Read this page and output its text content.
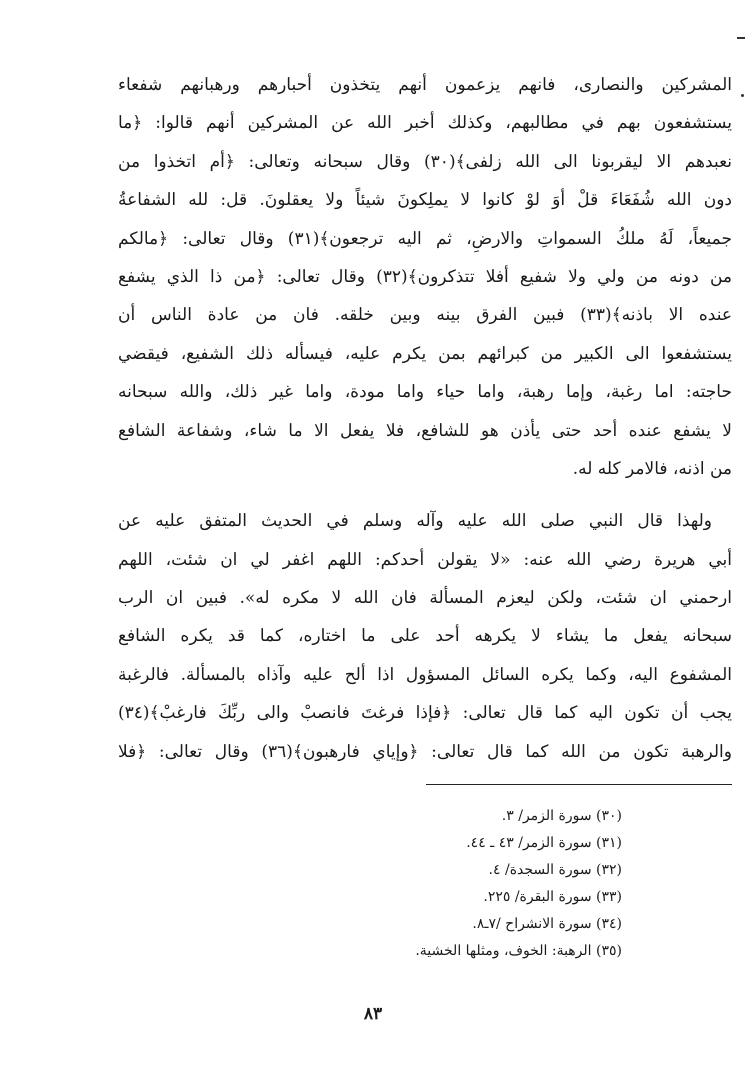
المشركين والنصارى، فانهم يزعمون أنهم يتخذون أحبارهم ورهبانهم شفعاء
يستشفعون بهم في مطالبهم، وكذلك أخبر الله عن المشركين أنهم قالوا: ﴿ما
نعبدهم الا ليقربونا الى الله زلفى﴾(٣٠) وقال سبحانه وتعالى: ﴿أم اتخذوا من
دون الله شُفَعَاءَ قلْ أوَ لوْ كانوا لا يملِكونَ شيئاً ولا يعقلونَ. قل: لله الشفاعةُ
جميعاً، لَهُ ملكُ السمواتِ والارضِ، ثم اليه ترجعون﴾(٣١) وقال تعالى: ﴿مالكم
من دونه من ولي ولا شفيع أفلا تتذكرون﴾(٣٢) وقال تعالى: ﴿من ذا الذي يشفع
عنده الا باذنه﴾(٣٣) فبين الفرق بينه وبين خلقه. فان من عادة الناس أن
يستشفعوا الى الكبير من كبرائهم بمن يكرم عليه، فيسأله ذلك الشفيع، فيقضي
حاجته: اما رغبة، وإما رهبة، واما حياء واما مودة، واما غير ذلك، والله سبحانه
لا يشفع عنده أحد حتى يأذن هو للشافع، فلا يفعل الا ما شاء، وشفاعة الشافع
من اذنه، فالامر كله له.
ولهذا قال النبي صلى الله عليه وآله وسلم في الحديث المتفق عليه عن
أبي هريرة رضي الله عنه: «لا يقولن أحدكم: اللهم اغفر لي ان شئت، اللهم
ارحمني ان شئت، ولكن ليعزم المسألة فان الله لا مكره له». فبين ان الرب
سبحانه يفعل ما يشاء لا يكرهه أحد على ما اختاره، كما قد يكره الشافع
المشفوع اليه، وكما يكره السائل المسؤول اذا ألح عليه وآذاه بالمسألة. فالرغبة
يجب أن تكون اليه كما قال تعالى: ﴿فإذا فرغتَ فانصبْ والى ربِّكَ فارغبْ﴾(٣٤)
والرهبة تكون من الله كما قال تعالى: ﴿وإياي فارهبون﴾(٣٦) وقال تعالى: ﴿فلا
(٣٠) سورة الزمر/ ٣.
(٣١) سورة الزمر/ ٤٣ ـ ٤٤.
(٣٢) سورة السجدة/ ٤.
(٣٣) سورة البقرة/ ٢٢٥.
(٣٤) سورة الانشراح /٧ـ٨.
(٣٥) الرهبة: الخوف، ومثلها الخشية.
٨٣
